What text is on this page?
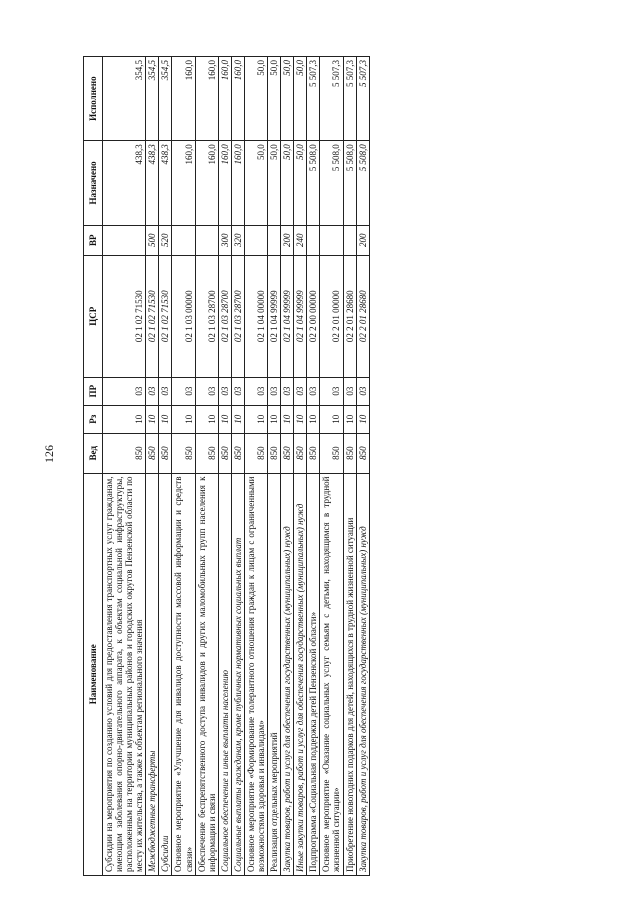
126
Наименование	Вед	Рз	ПР	ЦСР	ВР	Назначено	Исполнено
Субсидии на мероприятия по созданию условий для предоставления транспортных услуг гражданам, имеющим заболевания опорно-двигательного аппарата, к объектам социальной инфраструктуры, расположенным на территории муниципальных районов и городских округов Пензенской области по месту их жительства, а также к объектам регионального значения	850	10	03	02 1 02 71530		438,3	354,5
Межбюджетные трансферты	850	10	03	02 1 02 71530	500	438,3	354,5
Субсидии	850	10	03	02 1 02 71530	520	438,3	354,5
Основное мероприятие «Улучшение для инвалидов доступности массовой информации и средств связи»	850	10	03	02 1 03 00000		160,0	160,0
Обеспечение беспрепятственного доступа инвалидов и других маломобильных групп населения к информации и связи	850	10	03	02 1 03 28700		160,0	160,0
Социальное обеспечение и иные выплаты населению	850	10	03	02 1 03 28700	300	160,0	160,0
Социальные выплаты гражданам, кроме публичных нормативных социальных выплат	850	10	03	02 1 03 28700	320	160,0	160,0
Основное мероприятие «Формирование толерантного отношения граждан к лицам с ограниченными возможностями здоровья и инвалидам»	850	10	03	02 1 04 00000		50,0	50,0
Реализация отдельных мероприятий	850	10	03	02 1 04 99999		50,0	50,0
Закупка товаров, работ и услуг для обеспечения государственных (муниципальных) нужд	850	10	03	02 1 04 99999	200	50,0	50,0
Иные закупки товаров, работ и услуг для обеспечения государственных (муниципальных) нужд	850	10	03	02 1 04 99999	240	50,0	50,0
Подпрограмма «Социальная поддержка детей Пензенской области»	850	10	03	02 2 00 00000		5 508,0	5 507,3
Основное мероприятие «Оказание социальных услуг семьям с детьми, находящимся в трудной жизненной ситуации»	850	10	03	02 2 01 00000		5 508,0	5 507,3
Приобретение новогодних подарков для детей, находящихся в трудной жизненной ситуации	850	10	03	02 2 01 28680		5 508,0	5 507,3
Закупка товаров, работ и услуг для обеспечения государственных (муниципальных) нужд	850	10	03	02 2 01 28680	200	5 508,0	5 507,3
